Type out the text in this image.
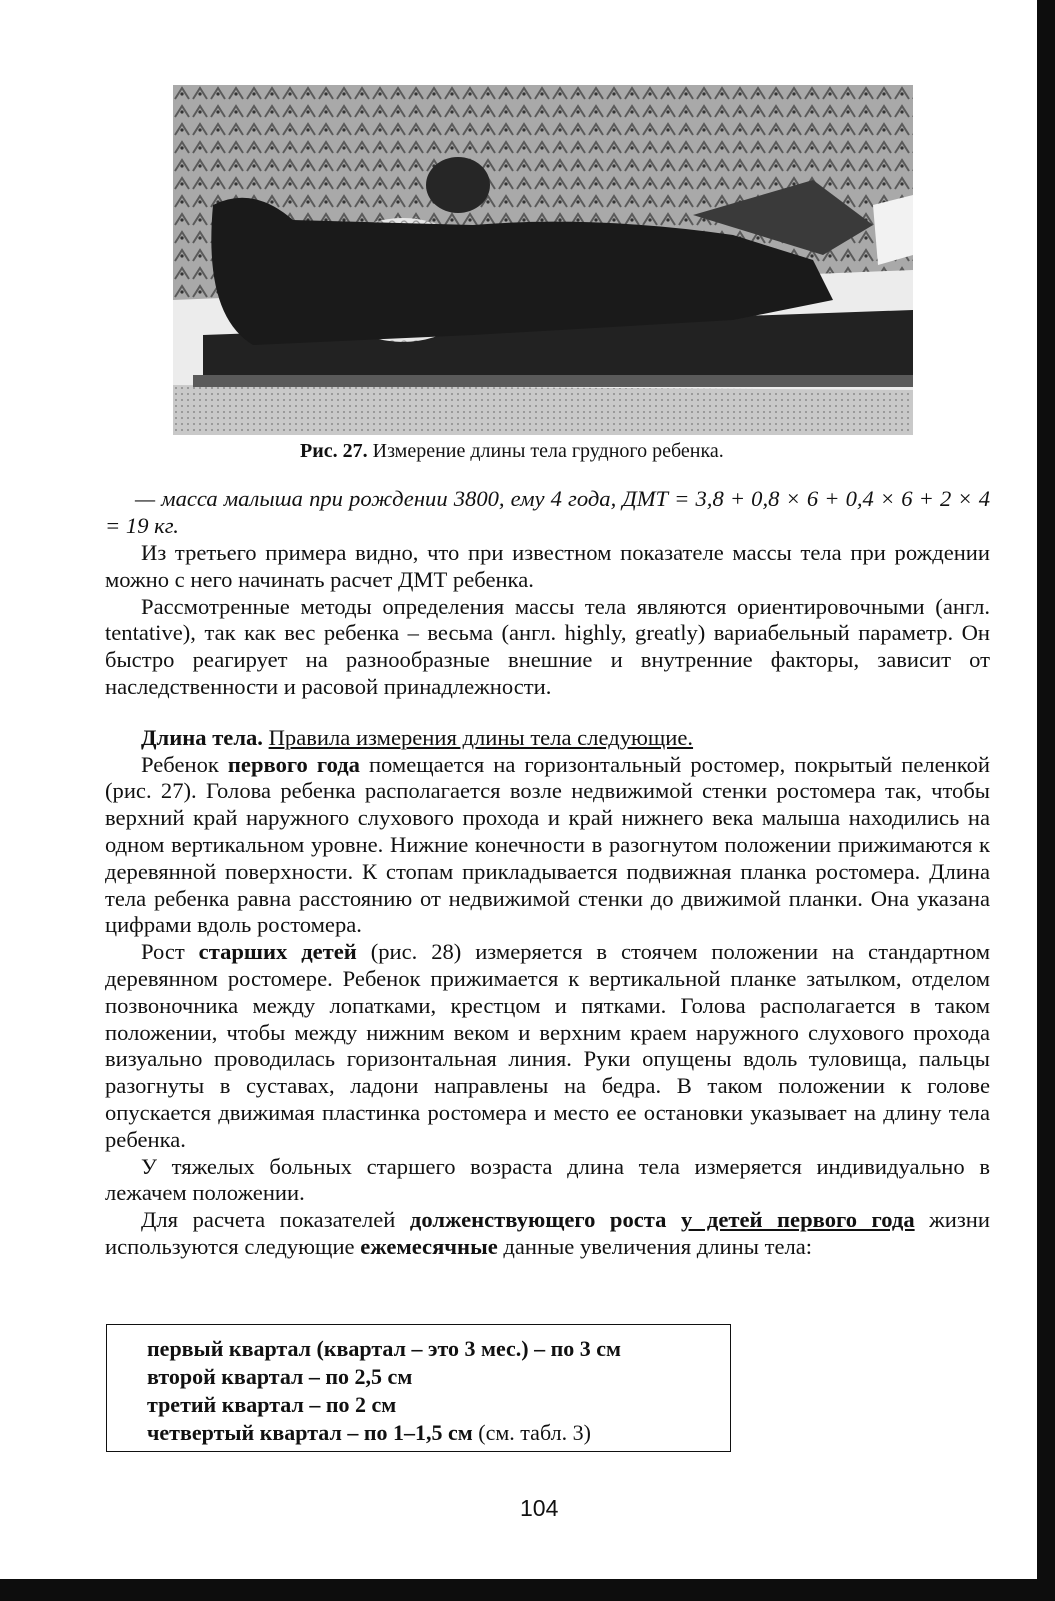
Рис. 27. Измерение длины тела грудного ребенка.

— масса малыша при рождении 3800, ему 4 года, ДМТ = 3,8 + 0,8 × 6 + 0,4 × 6 + 2 × 4 = 19 кг.

Из третьего примера видно, что при известном показателе массы тела при рождении можно с него начинать расчет ДМТ ребенка.

Рассмотренные методы определения массы тела являются ориентировочными (англ. tentative), так как вес ребенка – весьма (англ. highly, greatly) вариабельный параметр. Он быстро реагирует на разнообразные внешние и внутренние факторы, зависит от наследственности и расовой принадлежности.

Длина тела. Правила измерения длины тела следующие.

Ребенок первого года помещается на горизонтальный ростомер, покрытый пеленкой (рис. 27). Голова ребенка располагается возле недвижимой стенки ростомера так, чтобы верхний край наружного слухового прохода и край нижнего века малыша находились на одном вертикальном уровне. Нижние конечности в разогнутом положении прижимаются к деревянной поверхности. К стопам прикладывается подвижная планка ростомера. Длина тела ребенка равна расстоянию от недвижимой стенки до движимой планки. Она указана цифрами вдоль ростомера.

Рост старших детей (рис. 28) измеряется в стоячем положении на стандартном деревянном ростомере. Ребенок прижимается к вертикальной планке затылком, отделом позвоночника между лопатками, крестцом и пятками. Голова располагается в таком положении, чтобы между нижним веком и верхним краем наружного слухового прохода визуально проводилась горизонтальная линия. Руки опущены вдоль туловища, пальцы разогнуты в суставах, ладони направлены на бедра. В таком положении к голове опускается движимая пластинка ростомера и место ее остановки указывает на длину тела ребенка.

У тяжелых больных старшего возраста длина тела измеряется индивидуально в лежачем положении.

Для расчета показателей долженствующего роста у детей первого года жизни используются следующие ежемесячные данные увеличения длины тела:

первый квартал (квартал – это 3 мес.) – по 3 см
второй квартал – по 2,5 см
третий квартал – по 2 см
четвертый квартал – по 1–1,5 см (см. табл. 3)
104
